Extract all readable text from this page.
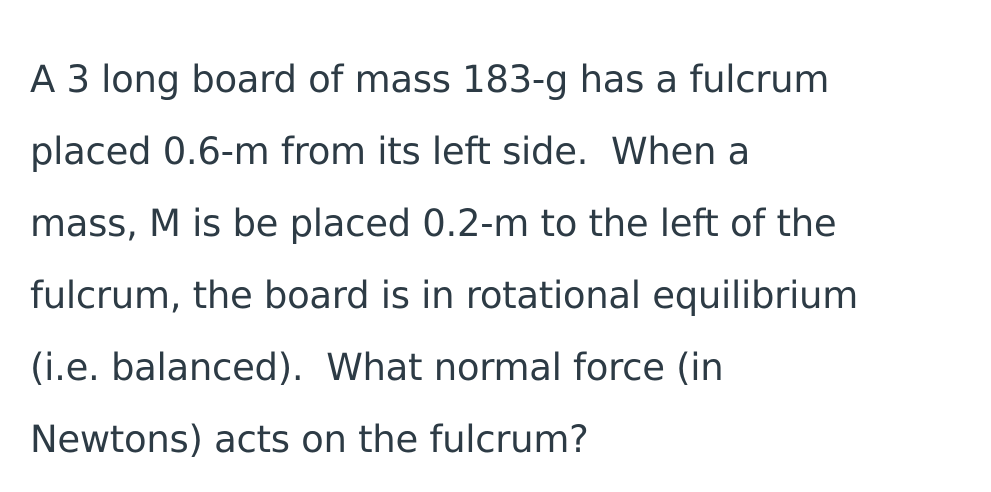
A 3 long board of mass 183-g has a fulcrum
placed 0.6-m from its left side.  When a
mass, M is be placed 0.2-m to the left of the
fulcrum, the board is in rotational equilibrium
(i.e. balanced).  What normal force (in
Newtons) acts on the fulcrum?
